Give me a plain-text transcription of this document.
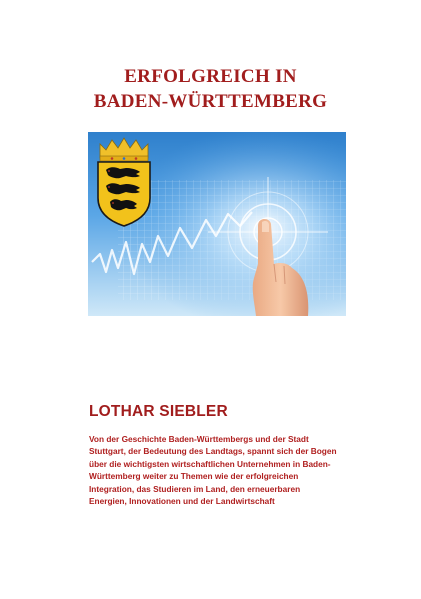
ERFOLGREICH IN
BADEN-WÜRTTEMBERG
LOTHAR SIEBLER
Von der Geschichte Baden-Württembergs und der Stadt
Stuttgart, der Bedeutung des Landtags, spannt sich der Bogen
über die wichtigsten wirtschaftlichen Unternehmen in Baden-
Württemberg weiter zu Themen wie der erfolgreichen
Integration, das Studieren im Land, den erneuerbaren
Energien, Innovationen und der Landwirtschaft
